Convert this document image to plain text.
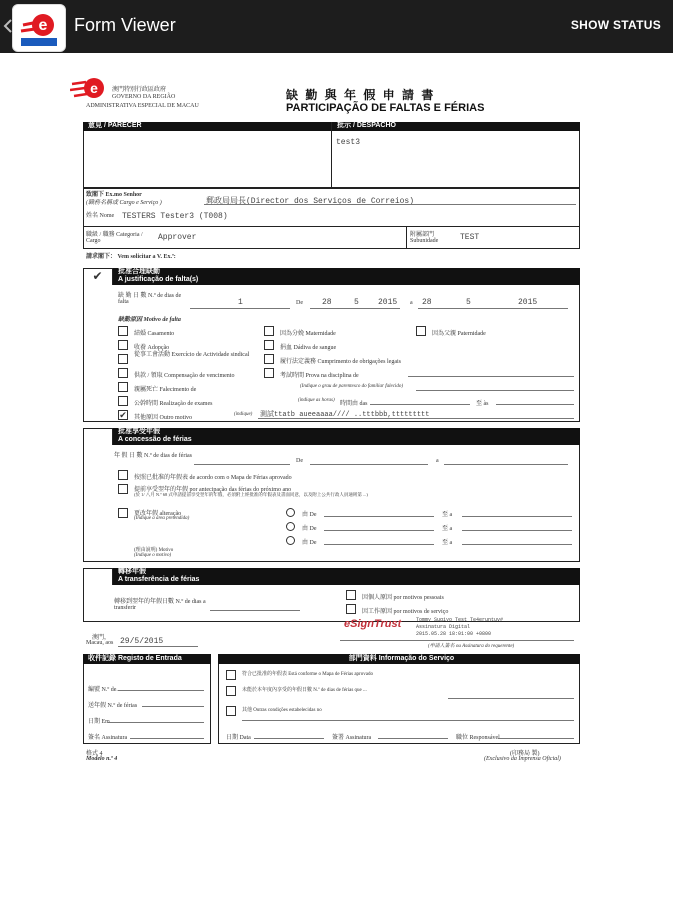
e Form Viewer	SHOW STATUS
e 澳門特別行政區政府
GOVERNO DA REGIÃO
ADMINISTRATIVA ESPECIAL DE MACAU
缺 勤 與 年 假 申 請 書
PARTICIPAÇÃO DE FALTAS E FÉRIAS
意見 / PARECER	批示 / DESPACHO
test3
致閣下 Ex.mo Senhor
(職務名稱或 Cargo e Serviço )	郵政局局長(Director dos Serviços de Correios)
姓名 Nome TESTERS Tester3 (T008)
職級 / 職務 Categoria / Cargo	Approver	附屬部門 Subunidade	TEST
請求閣下： Vem solicitar a V. Ex.ª:
✔	批准合理缺勤
A justificação de falta(s)
缺 勤 日 數 N.º de dias de falta	1	De 28	5 2015 a 28	5	2015
缺勤原因 Motivo de falta
結婚 Casamento	因為分娩 Maternidade	因為父親 Paternidade
收養 Adopção	捐血 Dádiva de sangue
從事工會活動 Exercício de Actividade sindical
履行法定義務 Cumprimento de obrigações legais
供款 / 領取 Compensação de vencimento	考試時間 Prova na disciplina de
親屬死亡 Falecimento de
(Indique o grau de parentesco do familiar falecido)
公幹時間 Realização de exames
(indique as horas)
時間由 das	至 às
✔ 其他原因 Outro motivo
(indique) 測試ttatb aueeaaaa//// ..tttbbb,ttttttttt
批准享受年假
A concessão de férias
年 假 日 數 N.º de dias de férias
De	a
按照已批准的年假表 de acordo com o Mapa de Férias aprovado
提前享受翌年的年假 por antecipação das férias do próximo ano
(於 1/ 八月 N.º 68 式申請提前享受翌年的年假，必須附上經批准的年假表及書面同意，以及附上公共行政人員通則第 ...)
更改年假 alteração
(Indique a área pretendida)
由 De	至 a
由 De	至 a
由 De	至 a
(理由說明) Motivo
(Indique o motivo)
轉移年假
A transferência de férias
轉移到翌年的年假日數 N.º de dias a transferir
因個人原因 por motivos pessoais
因工作原因 por motivos de serviço
澳門，
Macau, aos 29/5/2015
eSignTrust	Tommy Sugiyo Test Te4eruntuv#
Assinatura Digital
2015.05.28 18:01:00 +0800
(申請人簽名 ou Assinatura do requerente)
收件記錄 Registo de Entrada
編號 N.º de...
送年假 N.º de férias
日期 Em
簽名 Assinatura
部門資料 Informação do Serviço
符合已批准的年假表 Está conforme o Mapa de Férias aprovado
未能於本年度內享受的年假日數 N.º de dias de férias que ...
其他 Outras condições estabelecidas no
日期 Data	簽署 Assinatura	職位 Responsável
格式 4
Modelo n.º 4
(印務局 製)
(Exclusivo da Imprensa Oficial)
